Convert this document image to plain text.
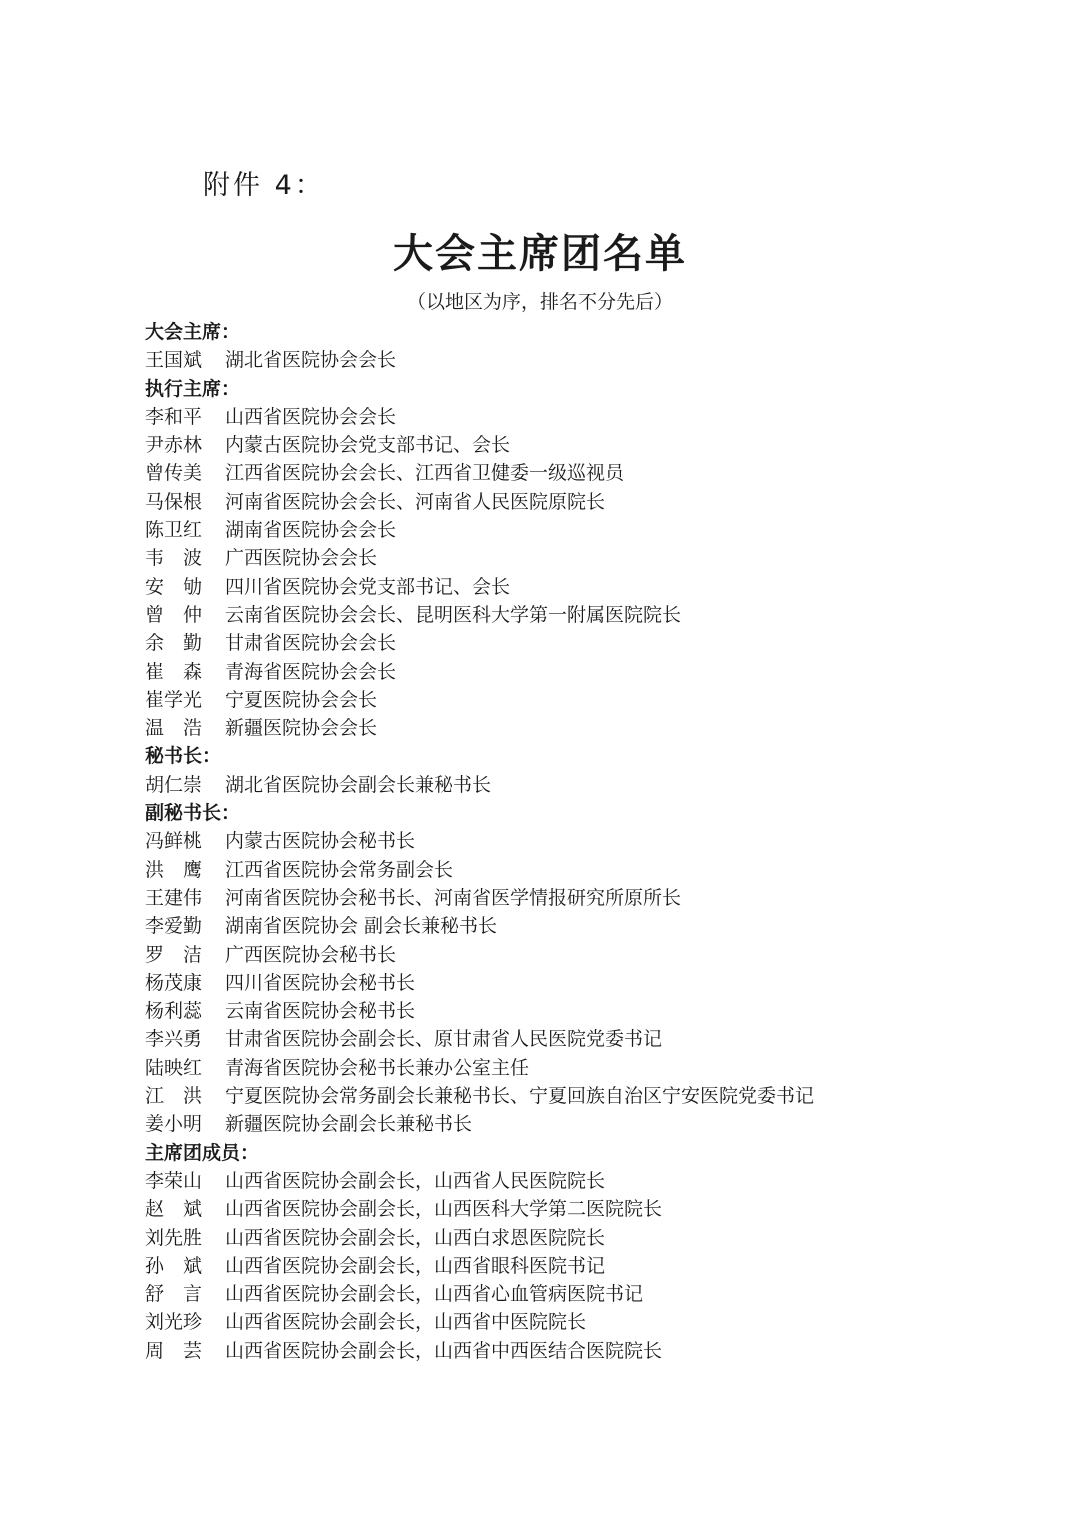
附件 4：
大会主席团名单
（以地区为序，排名不分先后）
大会主席：
王国斌 湖北省医院协会会长
执行主席：
李和平 山西省医院协会会长
尹赤林 内蒙古医院协会党支部书记、会长
曾传美 江西省医院协会会长、江西省卫健委一级巡视员
马保根 河南省医院协会会长、河南省人民医院原院长
陈卫红 湖南省医院协会会长
韦　波 广西医院协会会长
安　劬 四川省医院协会党支部书记、会长
曾　仲 云南省医院协会会长、昆明医科大学第一附属医院院长
余　勤 甘肃省医院协会会长
崔　森 青海省医院协会会长
崔学光 宁夏医院协会会长
温　浩 新疆医院协会会长
秘书长：
胡仁崇 湖北省医院协会副会长兼秘书长
副秘书长：
冯鲜桃 内蒙古医院协会秘书长
洪　鹰 江西省医院协会常务副会长
王建伟 河南省医院协会秘书长、河南省医学情报研究所原所长
李爱勤 湖南省医院协会 副会长兼秘书长
罗　洁 广西医院协会秘书长
杨茂康 四川省医院协会秘书长
杨利蕊 云南省医院协会秘书长
李兴勇 甘肃省医院协会副会长、原甘肃省人民医院党委书记
陆映红 青海省医院协会秘书长兼办公室主任
江　洪 宁夏医院协会常务副会长兼秘书长、宁夏回族自治区宁安医院党委书记
姜小明 新疆医院协会副会长兼秘书长
主席团成员：
李荣山 山西省医院协会副会长，山西省人民医院院长
赵　斌 山西省医院协会副会长，山西医科大学第二医院院长
刘先胜 山西省医院协会副会长，山西白求恩医院院长
孙　斌 山西省医院协会副会长，山西省眼科医院书记
舒　言 山西省医院协会副会长，山西省心血管病医院书记
刘光珍 山西省医院协会副会长，山西省中医院院长
周　芸 山西省医院协会副会长，山西省中西医结合医院院长
